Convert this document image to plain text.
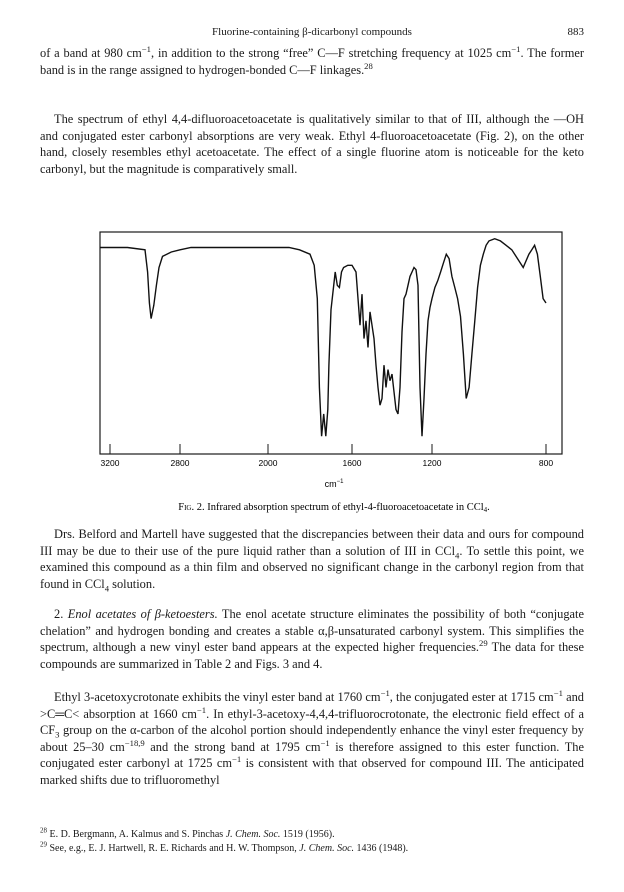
Fluorine-containing β-dicarbonyl compounds	883

of a band at 980 $cm^{-1}$, in addition to the strong “free” C—F stretching frequency at 1025 $cm^{-1}$. The former band is in the range assigned to hydrogen-bonded C—F linkages.$^{28}$

The spectrum of ethyl 4,4-difluoroacetoacetate is qualitatively similar to that of III, although the —OH and conjugated ester carbonyl absorptions are very weak. Ethyl 4-fluoroacetoacetate (Fig. 2), on the other hand, closely resembles ethyl acetoacetate. The effect of a single fluorine atom is noticeable for the keto carbonyl, but the magnitude is comparatively small.

3200	2800	2000	1600	1200	800
$cm^{-1}$
Fig. 2. Infrared absorption spectrum of ethyl-4-fluoroacetoacetate in CCl4.

Drs. Belford and Martell have suggested that the discrepancies between their data and ours for compound III may be due to their use of the pure liquid rather than a solution of III in CCl$_4$. To settle this point, we examined this compound as a thin film and observed no significant change in the carbonyl region from that found in CCl$_4$ solution.

2. Enol acetates of β-ketoesters. The enol acetate structure eliminates the possibility of both “conjugate chelation” and hydrogen bonding and creates a stable α,β-unsaturated carbonyl system. This simplifies the spectrum, although a new vinyl ester band appears at the expected higher frequencies.$^{29}$ The data for these compounds are summarized in Table 2 and Figs. 3 and 4.

Ethyl 3-acetoxycrotonate exhibits the vinyl ester band at 1760 $cm^{-1}$, the conjugated ester at 1715 $cm^{-1}$ and >C═C< absorption at 1660 $cm^{-1}$. In ethyl-3-acetoxy-4,4,4-trifluorocrotonate, the electronic field effect of a $CF_3$ group on the α-carbon of the alcohol portion should independently enhance the vinyl ester frequency by about 25–30 $cm^{-18,9}$ and the strong band at 1795 $cm^{-1}$ is therefore assigned to this ester function. The conjugated ester carbonyl at 1725 $cm^{-1}$ is consistent with that observed for compound III. The anticipated marked shifts due to trifluoromethyl

$^{28}$ E. D. Bergmann, A. Kalmus and S. Pinchas J. Chem. Soc. 1519 (1956).

$^{29}$ See, e.g., E. J. Hartwell, R. E. Richards and H. W. Thompson, J. Chem. Soc. 1436 (1948).
